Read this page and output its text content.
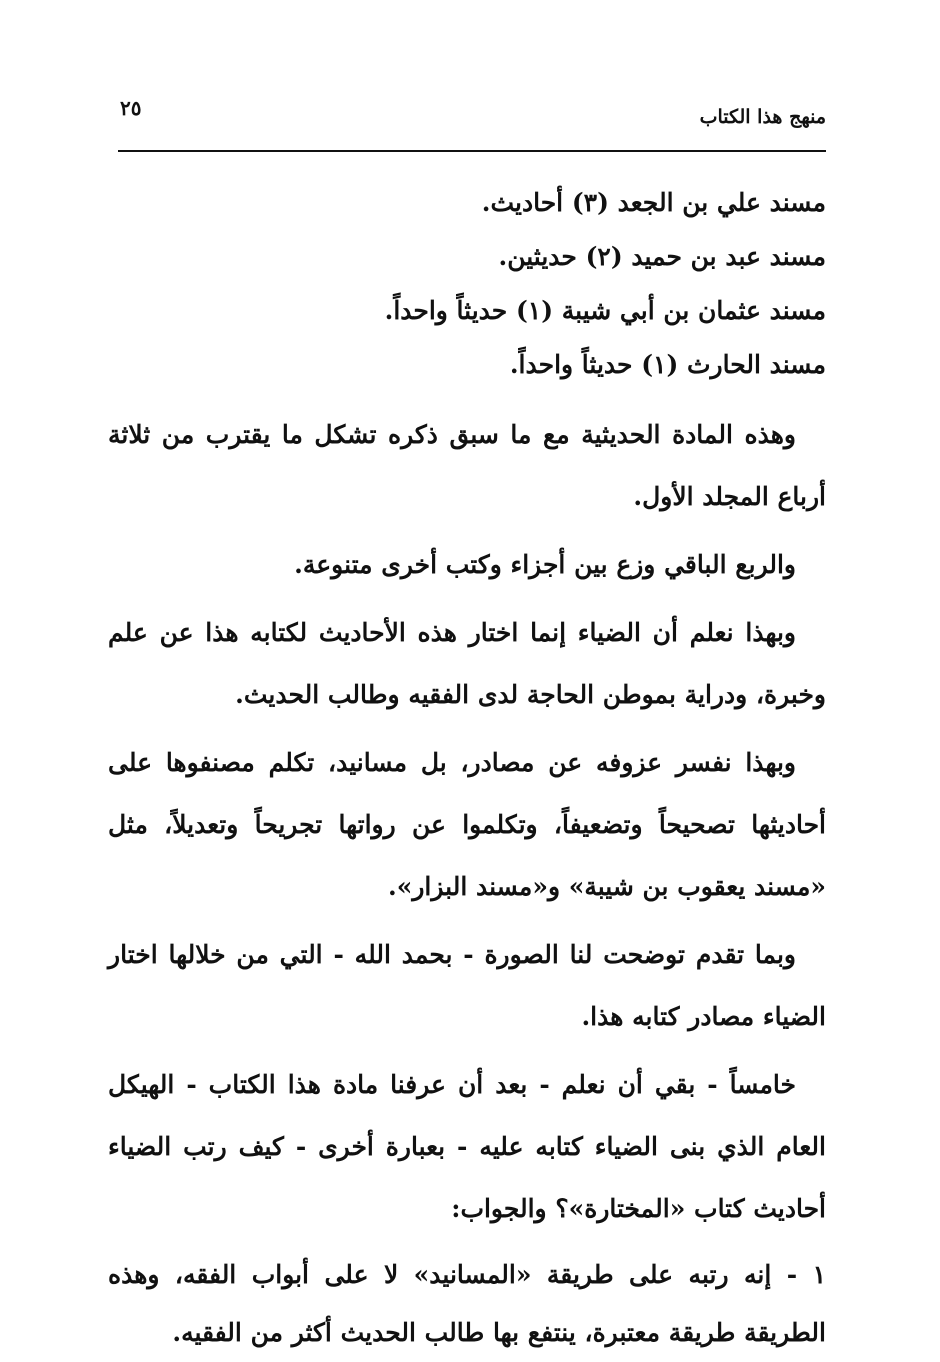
منهج هذا الكتاب
٢٥

مسند علي بن الجعد (٣) أحاديث.

مسند عبد بن حميد (٢) حديثين.

مسند عثمان بن أبي شيبة (١) حديثاً واحداً.

مسند الحارث (١) حديثاً واحداً.

وهذه المادة الحديثية مع ما سبق ذكره تشكل ما يقترب من ثلاثة أرباع المجلد الأول.

والربع الباقي وزع بين أجزاء وكتب أخرى متنوعة.

وبهذا نعلم أن الضياء إنما اختار هذه الأحاديث لكتابه هذا عن علم وخبرة، ودراية بموطن الحاجة لدى الفقيه وطالب الحديث.

وبهذا نفسر عزوفه عن مصادر، بل مسانيد، تكلم مصنفوها على أحاديثها تصحيحاً وتضعيفاً، وتكلموا عن رواتها تجريحاً وتعديلاً، مثل «مسند يعقوب بن شيبة» و«مسند البزار».

وبما تقدم توضحت لنا الصورة - بحمد الله - التي من خلالها اختار الضياء مصادر كتابه هذا.

خامساً - بقي أن نعلم - بعد أن عرفنا مادة هذا الكتاب - الهيكل العام الذي بنى الضياء كتابه عليه - بعبارة أخرى - كيف رتب الضياء أحاديث كتاب «المختارة»؟ والجواب:

١ - إنه رتبه على طريقة «المسانيد» لا على أبواب الفقه، وهذه الطريقة طريقة معتبرة، ينتفع بها طالب الحديث أكثر من الفقيه.
